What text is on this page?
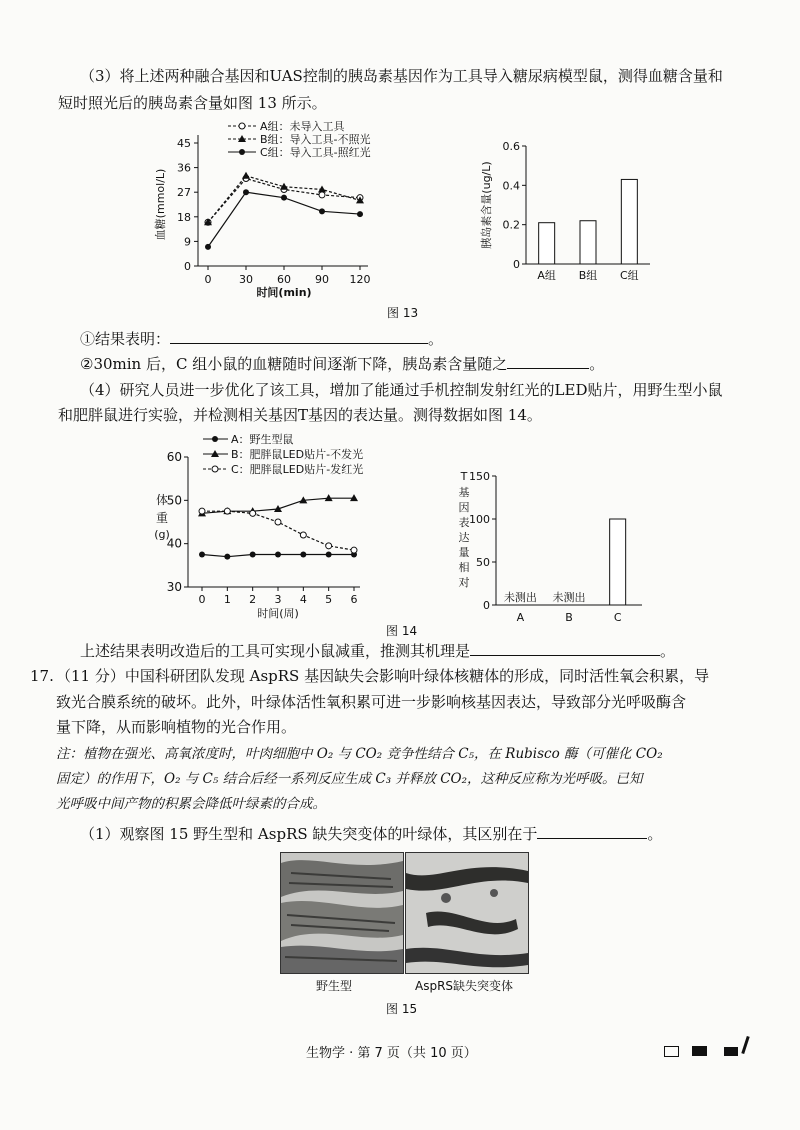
（3）将上述两种融合基因和UAS控制的胰岛素基因作为工具导入糖尿病模型鼠，测得血糖含量和
短时照光后的胰岛素含量如图 13 所示。
0
9
18
27
36
45
0	30 60 90 120
时间(min)
血糖(mmol/L)
A组：未导入工具
B组：导入工具-不照光
C组：导入工具-照红光
0
0.2
0.4
0.6
A组 B组 C组
胰岛素含量(ug/L)
图 13
①结果表明：	。
②30min 后，C 组小鼠的血糖随时间逐渐下降，胰岛素含量随之	。
（4）研究人员进一步优化了该工具，增加了能通过手机控制发射红光的LED贴片，用野生型小鼠
和肥胖鼠进行实验，并检测相关基因T基因的表达量。测得数据如图 14。
30
40
50
60
0 1 2 3 4 5 6
时间(周)
体
重
(g)
A：野生型鼠
B：肥胖鼠LED贴片-不发光
C：肥胖鼠LED贴片-发红光
0
50
100
150
未测出
A
未测出
B	C
T
基
因
表
达
量
相
对
图 14
上述结果表明改造后的工具可实现小鼠减重，推测其机理是	。
17. （11 分）中国科研团队发现 AspRS 基因缺失会影响叶绿体核糖体的形成，同时活性氧会积累，导
致光合膜系统的破坏。此外，叶绿体活性氧积累可进一步影响核基因表达，导致部分光呼吸酶含
量下降，从而影响植物的光合作用。
注：植物在强光、高氧浓度时，叶肉细胞中 O₂ 与 CO₂ 竞争性结合 C₅，在 Rubisco 酶（可催化 CO₂
固定）的作用下，O₂ 与 C₅ 结合后经一系列反应生成 C₃ 并释放 CO₂，这种反应称为光呼吸。已知
光呼吸中间产物的积累会降低叶绿素的合成。
（1）观察图 15 野生型和 AspRS 缺失突变体的叶绿体，其区别在于	。
野生型	AspRS缺失突变体
图 15
生物学 · 第 7 页（共 10 页）
